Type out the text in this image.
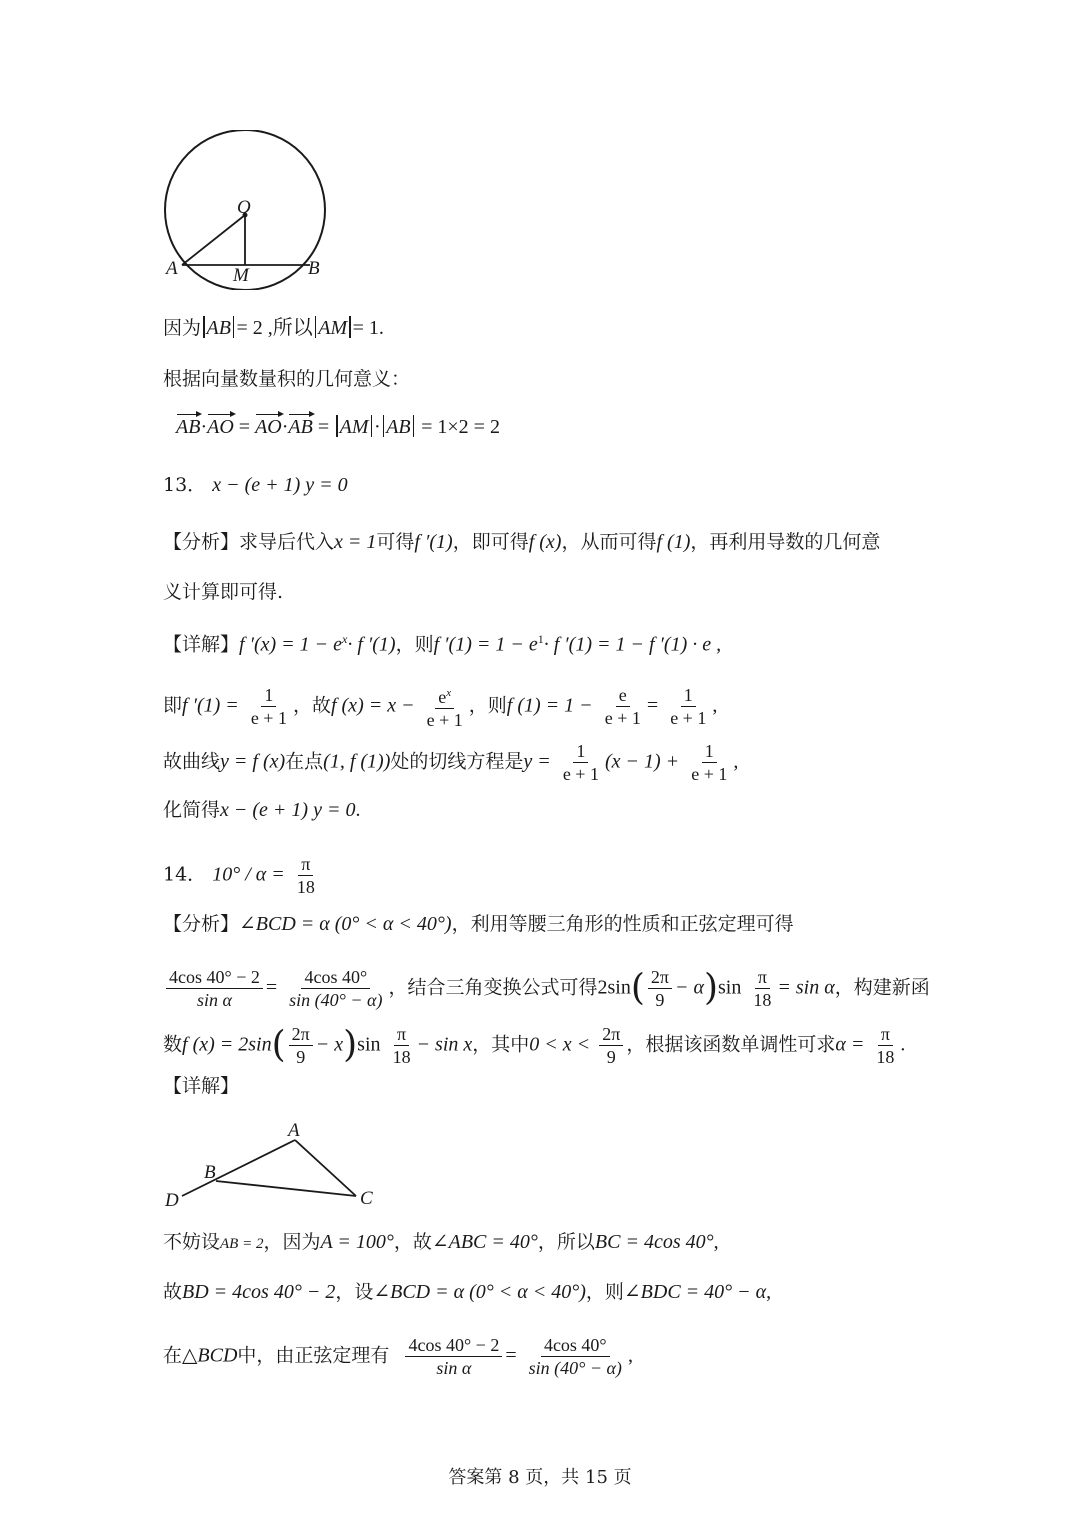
O
A	B
M
因为 AB = 2 ,所以 AM = 1.
根据向量数量积的几何意义：
AB·AO = AO·AB = AM · AB = 1×2 = 2
13． x − (e + 1) y = 0
【分析】求导后代入x = 1可得f ′(1)，即可得f (x)，从而可得f (1)，再利用导数的几何意
义计算即可得.
【详解】f $'(x) = 1 - e^x\cdot f$ ′(1)，则f $'(1) = 1 - e^1\cdot f$ ′(1) = 1 − f ′(1) · e ,
即f $'(1) = \frac{1}{e + 1}$ ，故f $(x) = x - \frac{e^x}{e + 1}$ ，则f $(1) = 1 - \frac{e}{e + 1} = \frac{1}{e + 1}$ ,
故曲线y = f (x)在点(1, f (1))处的切线方程是$y = \frac{1}{e + 1} (x - 1) + \frac{1}{e + 1}$ ,
化简得x − (e + 1) y = 0.
14． $10^\circ / \alpha = \frac{\pi}{18}$
【分析】∠BCD = α (0° < α < 40°)，利用等腰三角形的性质和正弦定理可得
$\frac{4\cos 40^\circ - 2}{\text{sin α}} = \frac{4\cos 40^\circ}{\sin (40^\circ - \alpha)}$ ，结合三角变换公式可得$2\sin( \frac{2\pi}{9} - \alpha)\sin \frac{\pi}{18} = \sin \alpha$，构建新函
数f $(x) = 2\sin( \frac{2\pi}{9} - x)\sin \frac{\pi}{18} - \sin x$，其中$0 < x < \frac{2\pi}{9}$ ，根据该函数单调性可求$\alpha = \frac{\pi}{18}$ .
【详解】
A
B
C
D
不妨设AB = 2，因为A = 100°，故∠ABC = 40°，所以BC = 4cos 40°,
故BD = 4cos 40° − 2，设∠BCD = α (0° < α < 40°)，则∠BDC = 40° − α,
在△BCD中，由正弦定理有 $\frac{4\cos 40^\circ - 2}{\text{sin α}} = \frac{4\cos 40^\circ}{\sin (40^\circ - \alpha)}$ ,
答案第 8 页，共 15 页
